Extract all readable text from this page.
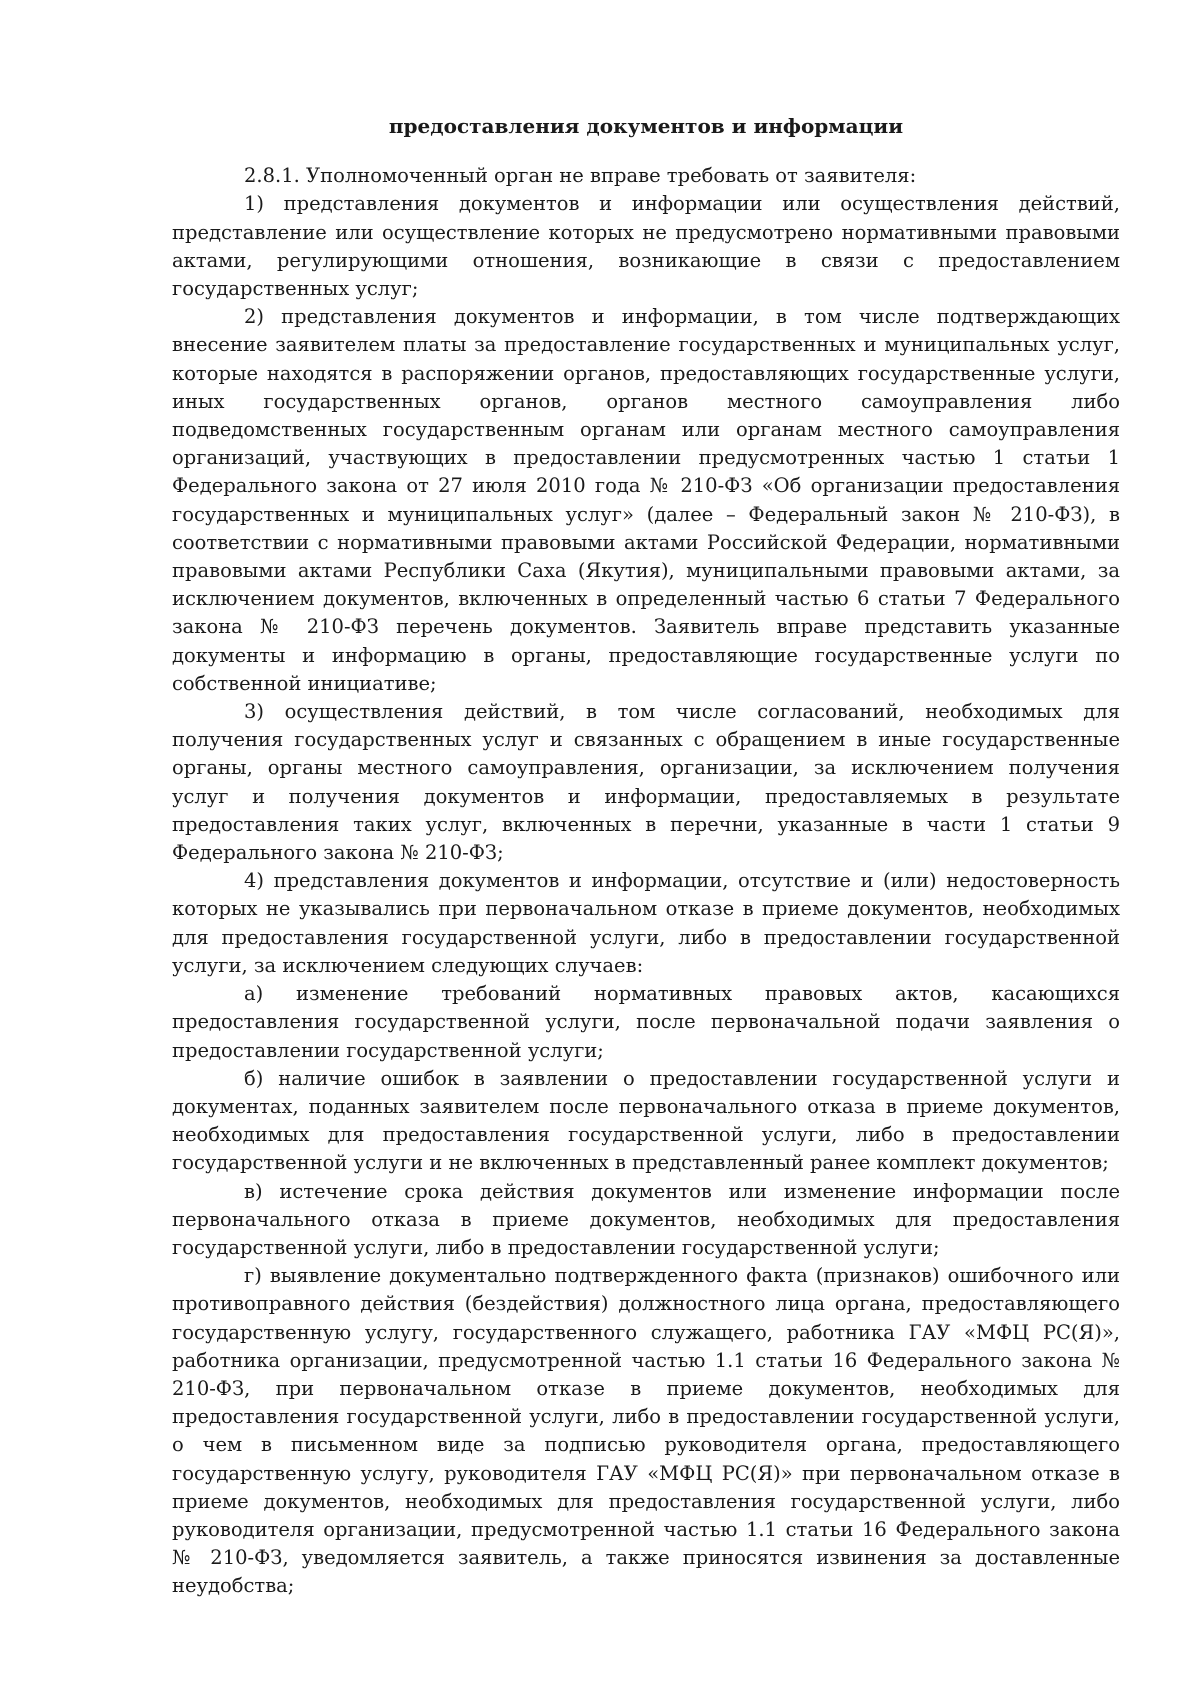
предоставления документов и информации

2.8.1. Уполномоченный орган не вправе требовать от заявителя:

1) представления документов и информации или осуществления действий, представление или осуществление которых не предусмотрено нормативными правовыми актами, регулирующими отношения, возникающие в связи с предоставлением государственных услуг;

2) представления документов и информации, в том числе подтверждающих внесение заявителем платы за предоставление государственных и муниципальных услуг, которые находятся в распоряжении органов, предоставляющих государственные услуги, иных государственных органов, органов местного самоуправления либо подведомственных государственным органам или органам местного самоуправления организаций, участвующих в предоставлении предусмотренных частью 1 статьи 1 Федерального закона от 27 июля 2010 года № 210-ФЗ «Об организации предоставления государственных и муниципальных услуг» (далее – Федеральный закон № 210-ФЗ), в соответствии с нормативными правовыми актами Российской Федерации, нормативными правовыми актами Республики Саха (Якутия), муниципальными правовыми актами, за исключением документов, включенных в определенный частью 6 статьи 7 Федерального закона № 210-ФЗ перечень документов. Заявитель вправе представить указанные документы и информацию в органы, предоставляющие государственные услуги по собственной инициативе;

3) осуществления действий, в том числе согласований, необходимых для получения государственных услуг и связанных с обращением в иные государственные органы, органы местного самоуправления, организации, за исключением получения услуг и получения документов и информации, предоставляемых в результате предоставления таких услуг, включенных в перечни, указанные в части 1 статьи 9 Федерального закона № 210-ФЗ;

4) представления документов и информации, отсутствие и (или) недостоверность которых не указывались при первоначальном отказе в приеме документов, необходимых для предоставления государственной услуги, либо в предоставлении государственной услуги, за исключением следующих случаев:

а) изменение требований нормативных правовых актов, касающихся предоставления государственной услуги, после первоначальной подачи заявления о предоставлении государственной услуги;

б) наличие ошибок в заявлении о предоставлении государственной услуги и документах, поданных заявителем после первоначального отказа в приеме документов, необходимых для предоставления государственной услуги, либо в предоставлении государственной услуги и не включенных в представленный ранее комплект документов;

в) истечение срока действия документов или изменение информации после первоначального отказа в приеме документов, необходимых для предоставления государственной услуги, либо в предоставлении государственной услуги;

г) выявление документально подтвержденного факта (признаков) ошибочного или противоправного действия (бездействия) должностного лица органа, предоставляющего государственную услугу, государственного служащего, работника ГАУ «МФЦ РС(Я)», работника организации, предусмотренной частью 1.1 статьи 16 Федерального закона № 210-ФЗ, при первоначальном отказе в приеме документов, необходимых для предоставления государственной услуги, либо в предоставлении государственной услуги, о чем в письменном виде за подписью руководителя органа, предоставляющего государственную услугу, руководителя ГАУ «МФЦ РС(Я)» при первоначальном отказе в приеме документов, необходимых для предоставления государственной услуги, либо руководителя организации, предусмотренной частью 1.1 статьи 16 Федерального закона № 210-ФЗ, уведомляется заявитель, а также приносятся извинения за доставленные неудобства;
